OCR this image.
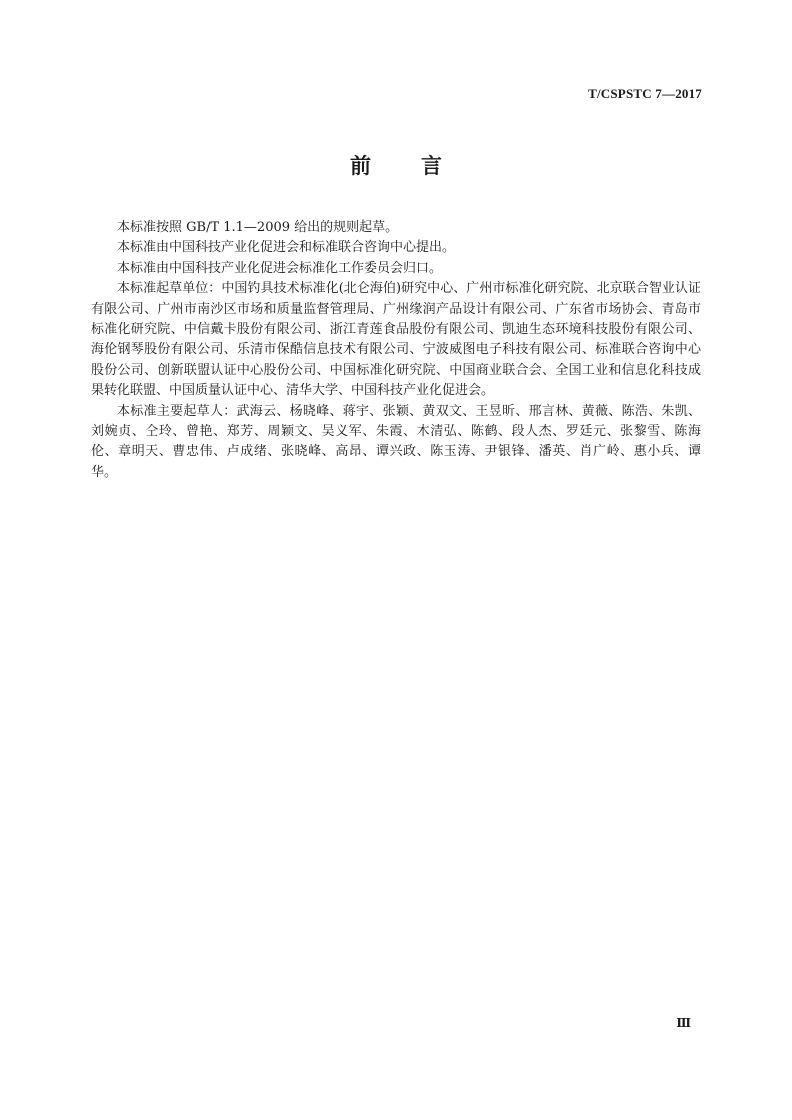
T/CSPSTC 7—2017
前言

本标准按照 GB/T 1.1—2009 给出的规则起草。

本标准由中国科技产业化促进会和标准联合咨询中心提出。

本标准由中国科技产业化促进会标准化工作委员会归口。

本标准起草单位：中国钓具技术标准化(北仑海伯)研究中心、广州市标准化研究院、北京联合智业认证有限公司、广州市南沙区市场和质量监督管理局、广州缘润产品设计有限公司、广东省市场协会、青岛市标准化研究院、中信戴卡股份有限公司、浙江青莲食品股份有限公司、凯迪生态环境科技股份有限公司、海伦钢琴股份有限公司、乐清市保酷信息技术有限公司、宁波威图电子科技有限公司、标准联合咨询中心股份公司、创新联盟认证中心股份公司、中国标准化研究院、中国商业联合会、全国工业和信息化科技成果转化联盟、中国质量认证中心、清华大学、中国科技产业化促进会。

本标准主要起草人：武海云、杨晓峰、蒋宇、张颖、黄双文、王昱昕、邢言林、黄薇、陈浩、朱凯、刘婉贞、仝玲、曾艳、郑芳、周颖文、吴义军、朱霞、木清弘、陈鹤、段人杰、罗廷元、张黎雪、陈海伦、章明天、曹忠伟、卢成绪、张晓峰、高昂、谭兴政、陈玉涛、尹银锋、潘英、肖广岭、惠小兵、谭华。

Ⅲ
